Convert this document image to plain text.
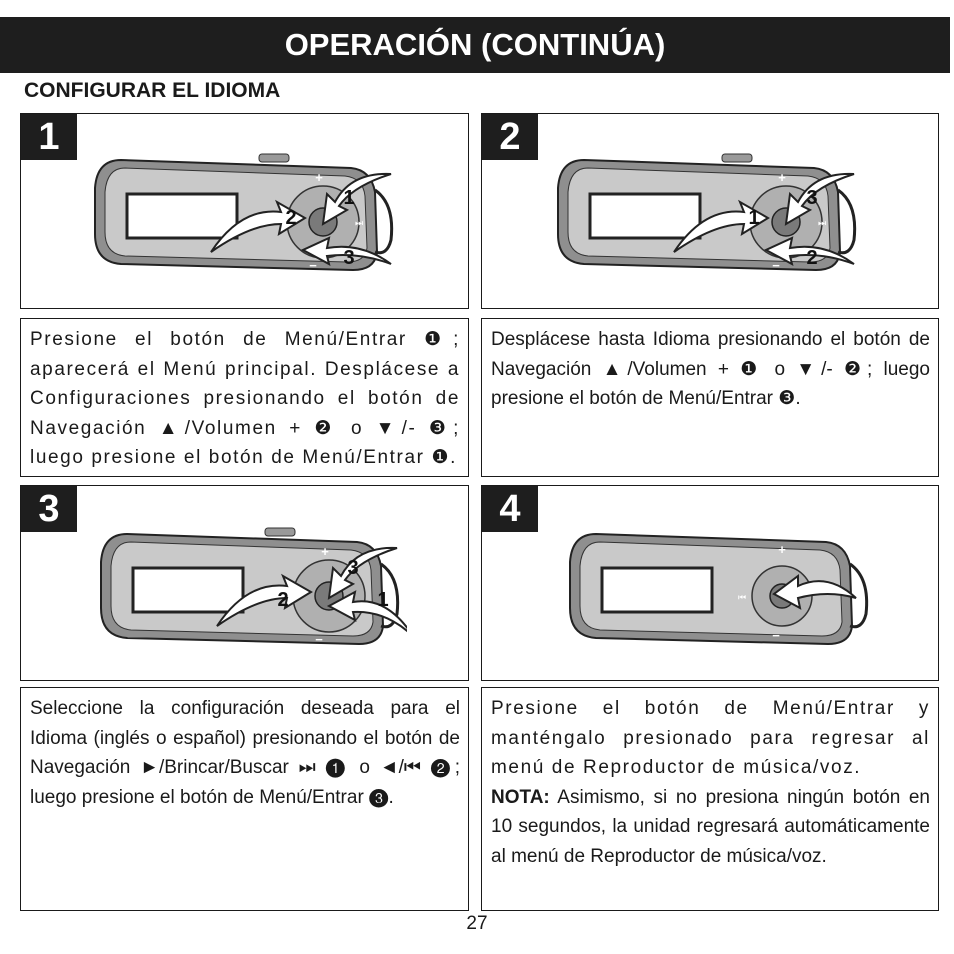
OPERACIÓN (CONTINÚA)
CONFIGURAR EL IDIOMA
1
+
−
⏭
2
1
3
2
+
−
⏭
1
3
2

Presione el botón de Menú/Entrar ❶; aparecerá el Menú principal. Desplácese a Configuraciones presionando el botón de Navegación ▲/Volumen + ❷ o ▼/- ❸; luego presione el botón de Menú/Entrar ❶.

Desplácese hasta Idioma presionando el botón de Navegación ▲/Volumen + ❶ o ▼/- ❷; luego presione el botón de Menú/Entrar ❸.

3
+
−
2
3
1
4
+
−
⏮

Seleccione la configuración deseada para el Idioma (inglés o español) presionando el botón de Navegación ►/Brincar/Buscar ⏭ ❶ o ◄/⏮ ❷; luego presione el botón de Menú/Entrar ❸.

Presione el botón de Menú/Entrar y manténgalo presionado para regresar al menú de Reproductor de música/voz.

NOTA: Asimismo, si no presiona ningún botón en 10 segundos, la unidad regresará automáticamente al menú de Reproductor de música/voz.

27
